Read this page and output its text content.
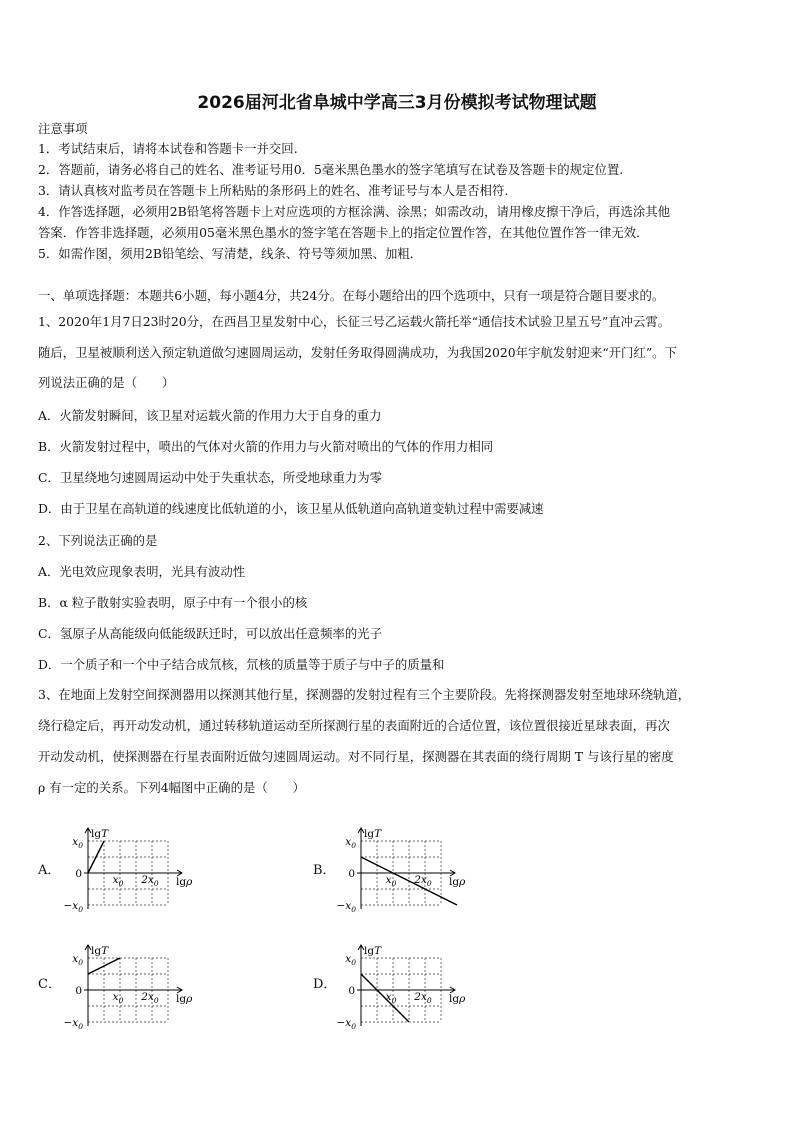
2026届河北省阜城中学高三3月份模拟考试物理试题
注意事项
1．考试结束后，请将本试卷和答题卡一并交回.
2．答题前，请务必将自己的姓名、准考证号用0．5毫米黑色墨水的签字笔填写在试卷及答题卡的规定位置.
3．请认真核对监考员在答题卡上所粘贴的条形码上的姓名、准考证号与本人是否相符.
4．作答选择题，必须用2B铅笔将答题卡上对应选项的方框涂满、涂黑；如需改动，请用橡皮擦干净后，再选涂其他
答案．作答非选择题，必须用05毫米黑色墨水的签字笔在答题卡上的指定位置作答，在其他位置作答一律无效．
5．如需作图，须用2B铅笔绘、写清楚，线条、符号等须加黑、加粗．
一、单项选择题：本题共6小题，每小题4分，共24分。在每小题给出的四个选项中，只有一项是符合题目要求的。
1、2020年1月7日23时20分，在西昌卫星发射中心，长征三号乙运载火箭托举“通信技术试验卫星五号”直冲云霄。
随后，卫星被顺利送入预定轨道做匀速圆周运动，发射任务取得圆满成功，为我国2020年宇航发射迎来“开门红”。下
列说法正确的是（　　）
A．火箭发射瞬间，该卫星对运载火箭的作用力大于自身的重力
B．火箭发射过程中，喷出的气体对火箭的作用力与火箭对喷出的气体的作用力相同
C．卫星绕地匀速圆周运动中处于失重状态，所受地球重力为零
D．由于卫星在高轨道的线速度比低轨道的小，该卫星从低轨道向高轨道变轨过程中需要减速
2、下列说法正确的是
A．光电效应现象表明，光具有波动性
B．α 粒子散射实验表明，原子中有一个很小的核
C．氢原子从高能级向低能级跃迁时，可以放出任意频率的光子
D．一个质子和一个中子结合成氘核，氘核的质量等于质子与中子的质量和
3、在地面上发射空间探测器用以探测其他行星，探测器的发射过程有三个主要阶段。先将探测器发射至地球环绕轨道，
绕行稳定后，再开动发动机，通过转移轨道运动至所探测行星的表面附近的合适位置，该位置很接近星球表面，再次
开动发动机，使探测器在行星表面附近做匀速圆周运动。对不同行星，探测器在其表面的绕行周期 T 与该行星的密度
ρ 有一定的关系。下列4幅图中正确的是（　　）
A．	B．
C．	D．
lgT
lgρ
$x_0$
$-x_0$
0	$x_0$ $2x_0$
lgT
lgρ
$x_0$
$-x_0$
0	$x_0$ $2x_0$
lgT
lgρ
$x_0$
$-x_0$
0	$x_0$ $2x_0$
lgT
lgρ
$x_0$
$-x_0$
0	$x_0$ $2x_0$
